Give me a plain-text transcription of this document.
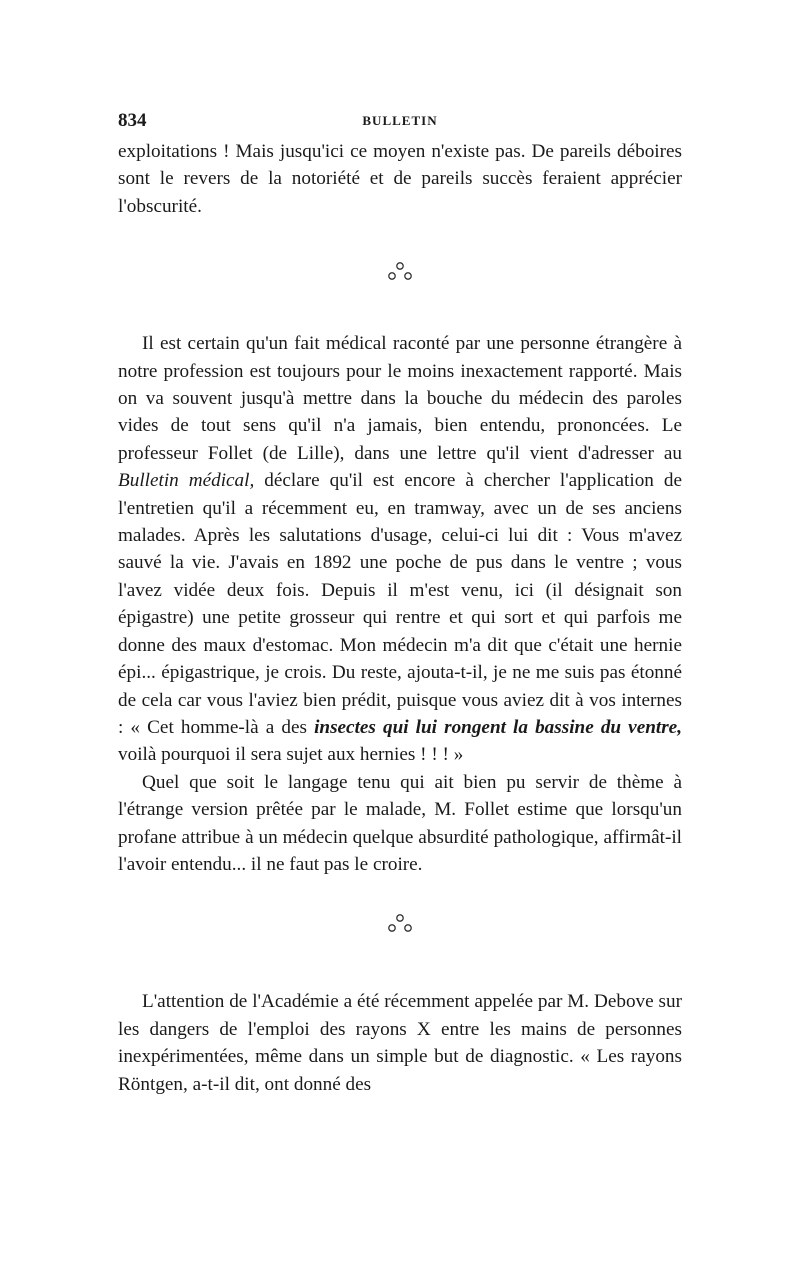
834	BULLETIN

exploitations ! Mais jusqu'ici ce moyen n'existe pas. De pareils déboires sont le revers de la notoriété et de pareils succès feraient apprécier l'obscurité.

Il est certain qu'un fait médical raconté par une personne étrangère à notre profession est toujours pour le moins inexactement rapporté. Mais on va souvent jusqu'à mettre dans la bouche du médecin des paroles vides de tout sens qu'il n'a jamais, bien entendu, prononcées. Le professeur Follet (de Lille), dans une lettre qu'il vient d'adresser au Bulletin médical, déclare qu'il est encore à chercher l'application de l'entretien qu'il a récemment eu, en tramway, avec un de ses anciens malades. Après les salutations d'usage, celui-ci lui dit : Vous m'avez sauvé la vie. J'avais en 1892 une poche de pus dans le ventre ; vous l'avez vidée deux fois. Depuis il m'est venu, ici (il désignait son épigastre) une petite grosseur qui rentre et qui sort et qui parfois me donne des maux d'estomac. Mon médecin m'a dit que c'était une hernie épi... épigastrique, je crois. Du reste, ajouta-t-il, je ne me suis pas étonné de cela car vous l'aviez bien prédit, puisque vous aviez dit à vos internes : « Cet homme-là a des insectes qui lui rongent la bassine du ventre, voilà pourquoi il sera sujet aux hernies ! ! ! »

Quel que soit le langage tenu qui ait bien pu servir de thème à l'étrange version prêtée par le malade, M. Follet estime que lorsqu'un profane attribue à un médecin quelque absurdité pathologique, affirmât-il l'avoir entendu... il ne faut pas le croire.

L'attention de l'Académie a été récemment appelée par M. Debove sur les dangers de l'emploi des rayons X entre les mains de personnes inexpérimentées, même dans un simple but de diagnostic. « Les rayons Röntgen, a-t-il dit, ont donné des
